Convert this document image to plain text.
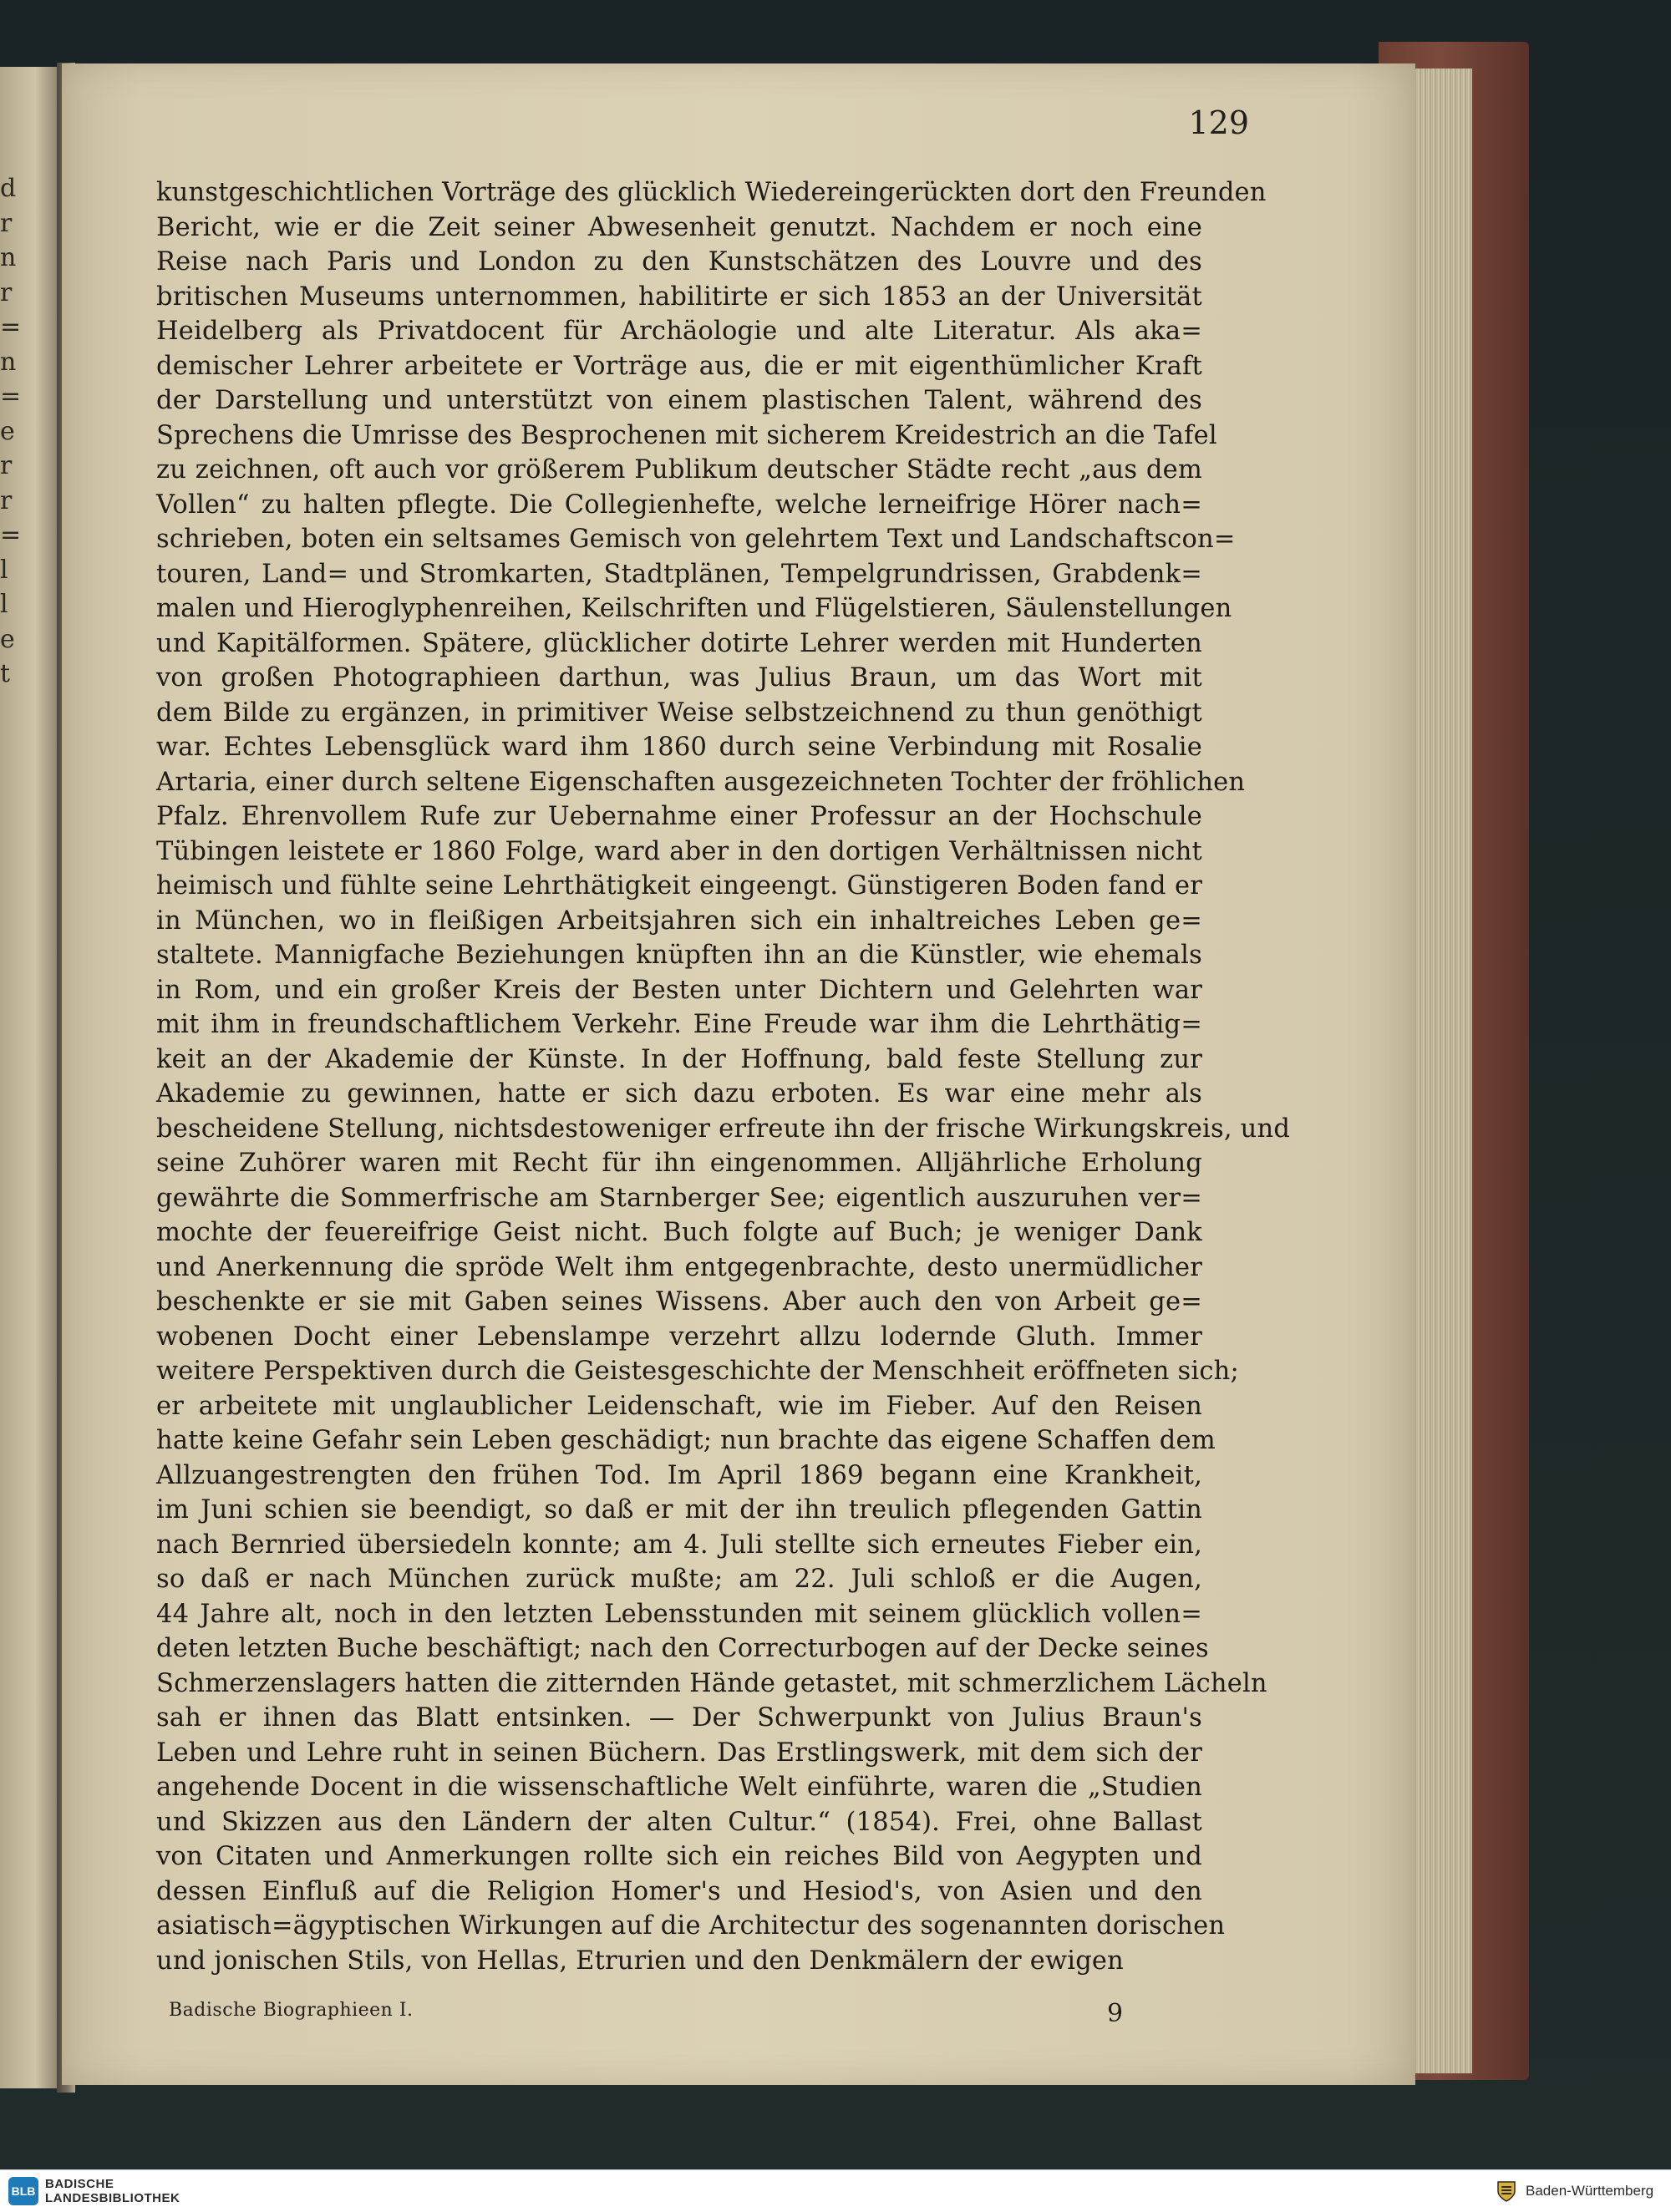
d
r
n
r
=
n
=
e
r
r
=
l
l
e
t
129
kunstgeschichtlichen Vorträge des glücklich Wiedereingerückten dort den Freunden
Bericht, wie er die Zeit seiner Abwesenheit genutzt. Nachdem er noch eine
Reise nach Paris und London zu den Kunstschätzen des Louvre und des
britischen Museums unternommen, habilitirte er sich 1853 an der Universität
Heidelberg als Privatdocent für Archäologie und alte Literatur. Als aka=
demischer Lehrer arbeitete er Vorträge aus, die er mit eigenthümlicher Kraft
der Darstellung und unterstützt von einem plastischen Talent, während des
Sprechens die Umrisse des Besprochenen mit sicherem Kreidestrich an die Tafel
zu zeichnen, oft auch vor größerem Publikum deutscher Städte recht „aus dem
Vollen“ zu halten pflegte. Die Collegienhefte, welche lerneifrige Hörer nach=
schrieben, boten ein seltsames Gemisch von gelehrtem Text und Landschaftscon=
touren, Land= und Stromkarten, Stadtplänen, Tempelgrundrissen, Grabdenk=
malen und Hieroglyphenreihen, Keilschriften und Flügelstieren, Säulenstellungen
und Kapitälformen. Spätere, glücklicher dotirte Lehrer werden mit Hunderten
von großen Photographieen darthun, was Julius Braun, um das Wort mit
dem Bilde zu ergänzen, in primitiver Weise selbstzeichnend zu thun genöthigt
war. Echtes Lebensglück ward ihm 1860 durch seine Verbindung mit Rosalie
Artaria, einer durch seltene Eigenschaften ausgezeichneten Tochter der fröhlichen
Pfalz. Ehrenvollem Rufe zur Uebernahme einer Professur an der Hochschule
Tübingen leistete er 1860 Folge, ward aber in den dortigen Verhältnissen nicht
heimisch und fühlte seine Lehrthätigkeit eingeengt. Günstigeren Boden fand er
in München, wo in fleißigen Arbeitsjahren sich ein inhaltreiches Leben ge=
staltete. Mannigfache Beziehungen knüpften ihn an die Künstler, wie ehemals
in Rom, und ein großer Kreis der Besten unter Dichtern und Gelehrten war
mit ihm in freundschaftlichem Verkehr. Eine Freude war ihm die Lehrthätig=
keit an der Akademie der Künste. In der Hoffnung, bald feste Stellung zur
Akademie zu gewinnen, hatte er sich dazu erboten. Es war eine mehr als
bescheidene Stellung, nichtsdestoweniger erfreute ihn der frische Wirkungskreis, und
seine Zuhörer waren mit Recht für ihn eingenommen. Alljährliche Erholung
gewährte die Sommerfrische am Starnberger See; eigentlich auszuruhen ver=
mochte der feuereifrige Geist nicht. Buch folgte auf Buch; je weniger Dank
und Anerkennung die spröde Welt ihm entgegenbrachte, desto unermüdlicher
beschenkte er sie mit Gaben seines Wissens. Aber auch den von Arbeit ge=
wobenen Docht einer Lebenslampe verzehrt allzu lodernde Gluth. Immer
weitere Perspektiven durch die Geistesgeschichte der Menschheit eröffneten sich;
er arbeitete mit unglaublicher Leidenschaft, wie im Fieber. Auf den Reisen
hatte keine Gefahr sein Leben geschädigt; nun brachte das eigene Schaffen dem
Allzuangestrengten den frühen Tod. Im April 1869 begann eine Krankheit,
im Juni schien sie beendigt, so daß er mit der ihn treulich pflegenden Gattin
nach Bernried übersiedeln konnte; am 4. Juli stellte sich erneutes Fieber ein,
so daß er nach München zurück mußte; am 22. Juli schloß er die Augen,
44 Jahre alt, noch in den letzten Lebensstunden mit seinem glücklich vollen=
deten letzten Buche beschäftigt; nach den Correcturbogen auf der Decke seines
Schmerzenslagers hatten die zitternden Hände getastet, mit schmerzlichem Lächeln
sah er ihnen das Blatt entsinken. — Der Schwerpunkt von Julius Braun's
Leben und Lehre ruht in seinen Büchern. Das Erstlingswerk, mit dem sich der
angehende Docent in die wissenschaftliche Welt einführte, waren die „Studien
und Skizzen aus den Ländern der alten Cultur.“ (1854). Frei, ohne Ballast
von Citaten und Anmerkungen rollte sich ein reiches Bild von Aegypten und
dessen Einfluß auf die Religion Homer's und Hesiod's, von Asien und den
asiatisch=ägyptischen Wirkungen auf die Architectur des sogenannten dorischen
und jonischen Stils, von Hellas, Etrurien und den Denkmälern der ewigen
Badische Biographieen I.	9
BLB BADISCHE
LANDESBIBLIOTHEK	Baden-Württemberg
